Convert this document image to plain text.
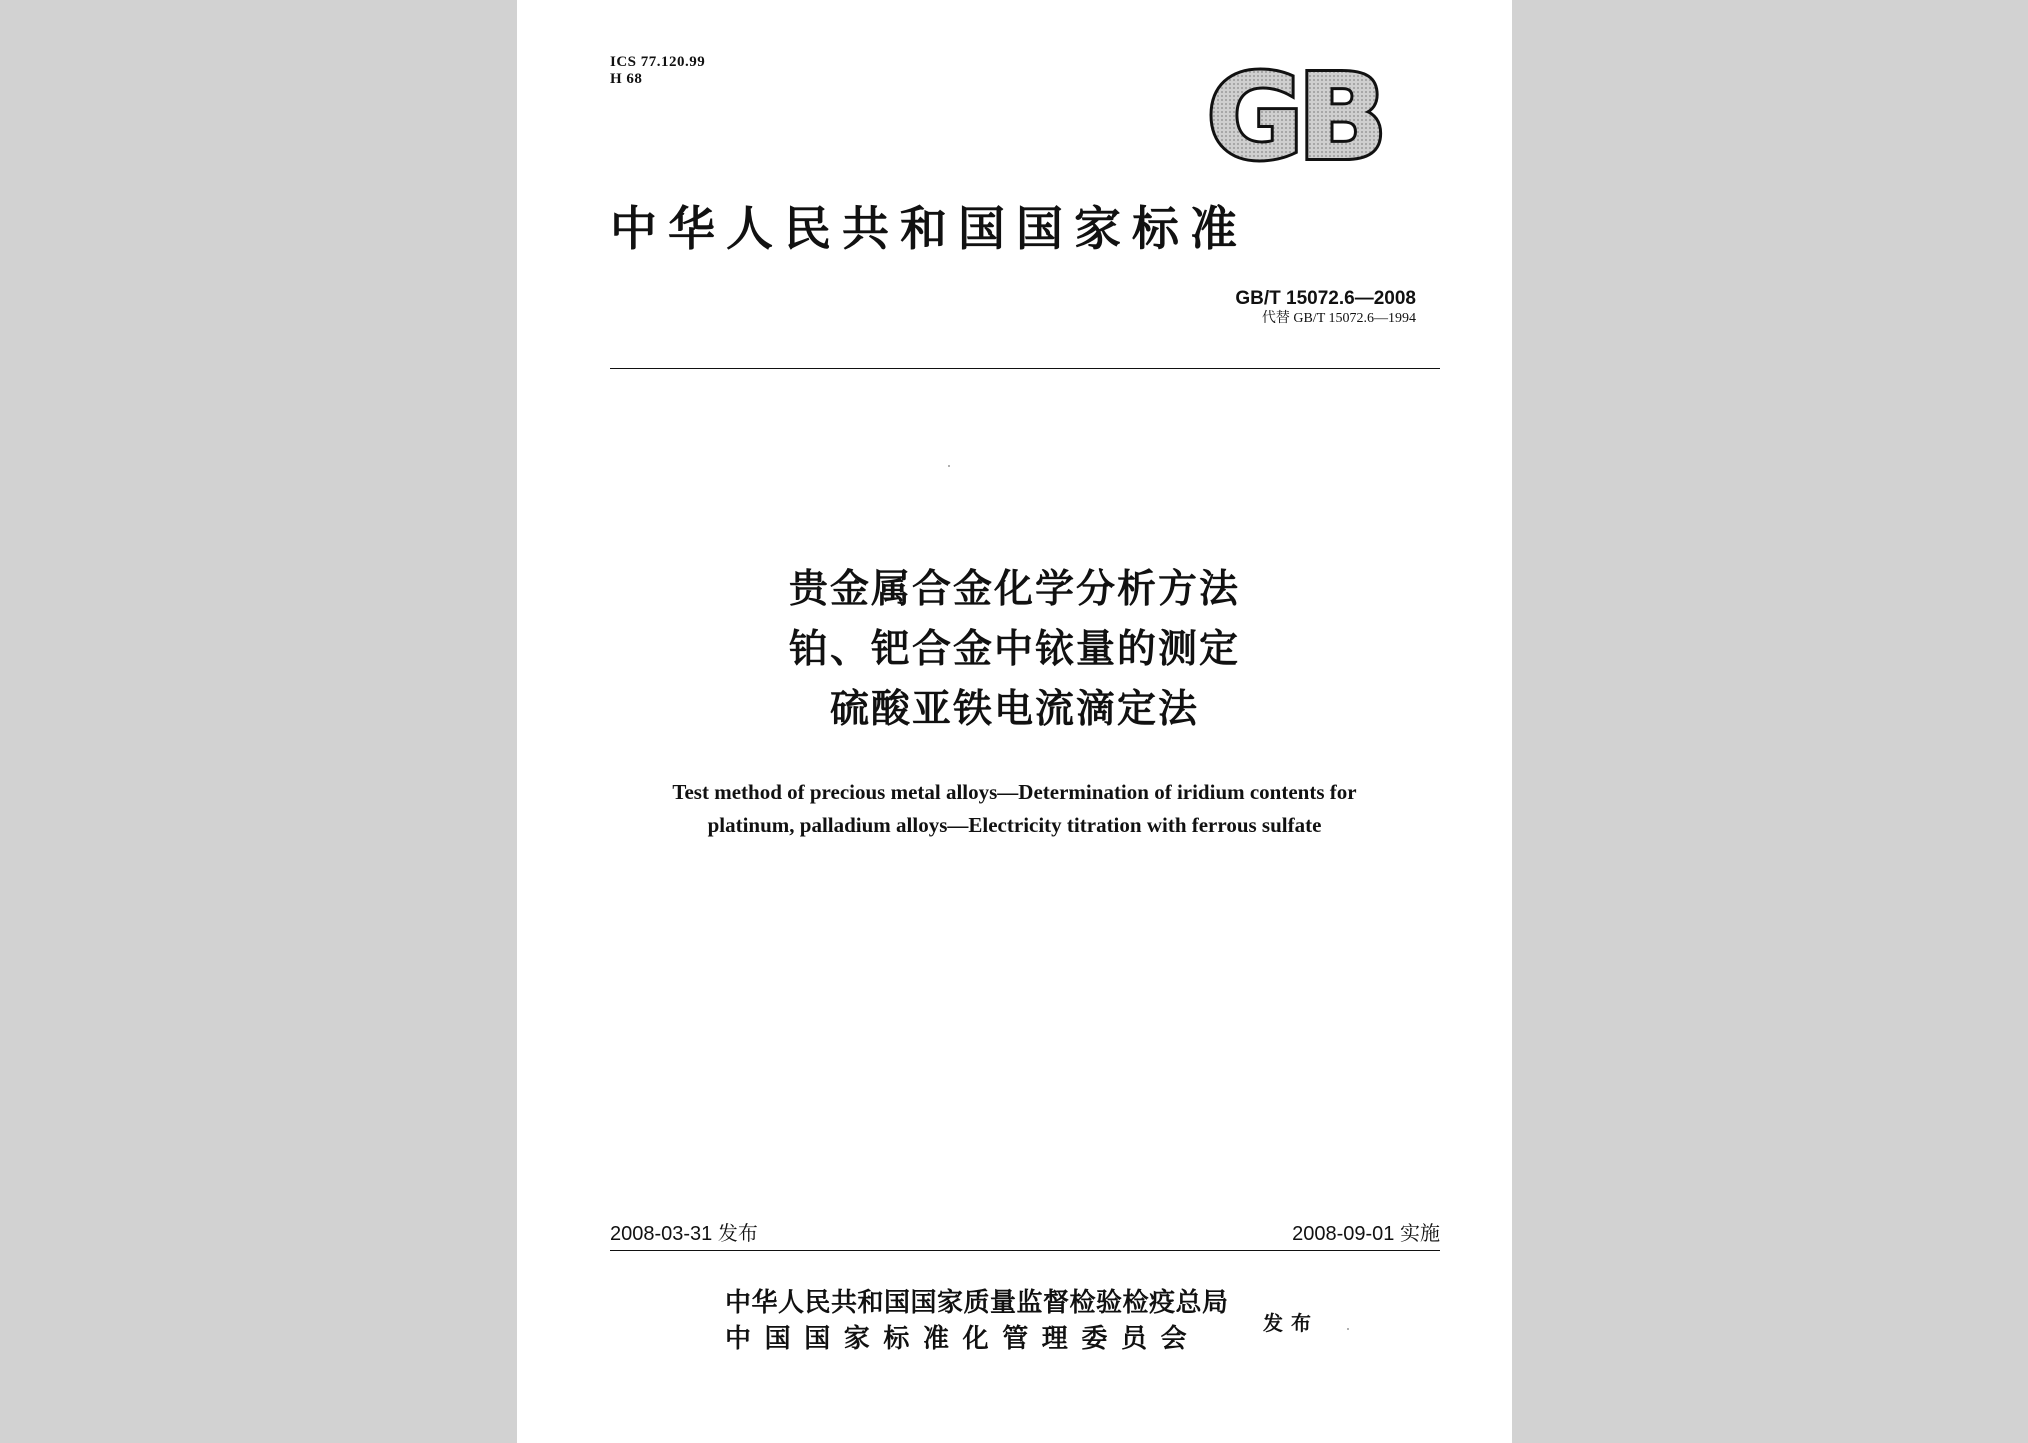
ICS 77.120.99
H 68	GB
中华人民共和国国家标准
GB/T 15072.6—2008
代替 GB/T 15072.6—1994
贵金属合金化学分析方法
铂、钯合金中铱量的测定
硫酸亚铁电流滴定法
Test method of precious metal alloys—Determination of iridium contents for
platinum, palladium alloys—Electricity titration with ferrous sulfate
2008-03-31 发布	2008-09-01 实施
中华人民共和国国家质量监督检验检疫总局
中国国家标准化管理委员会
发布
